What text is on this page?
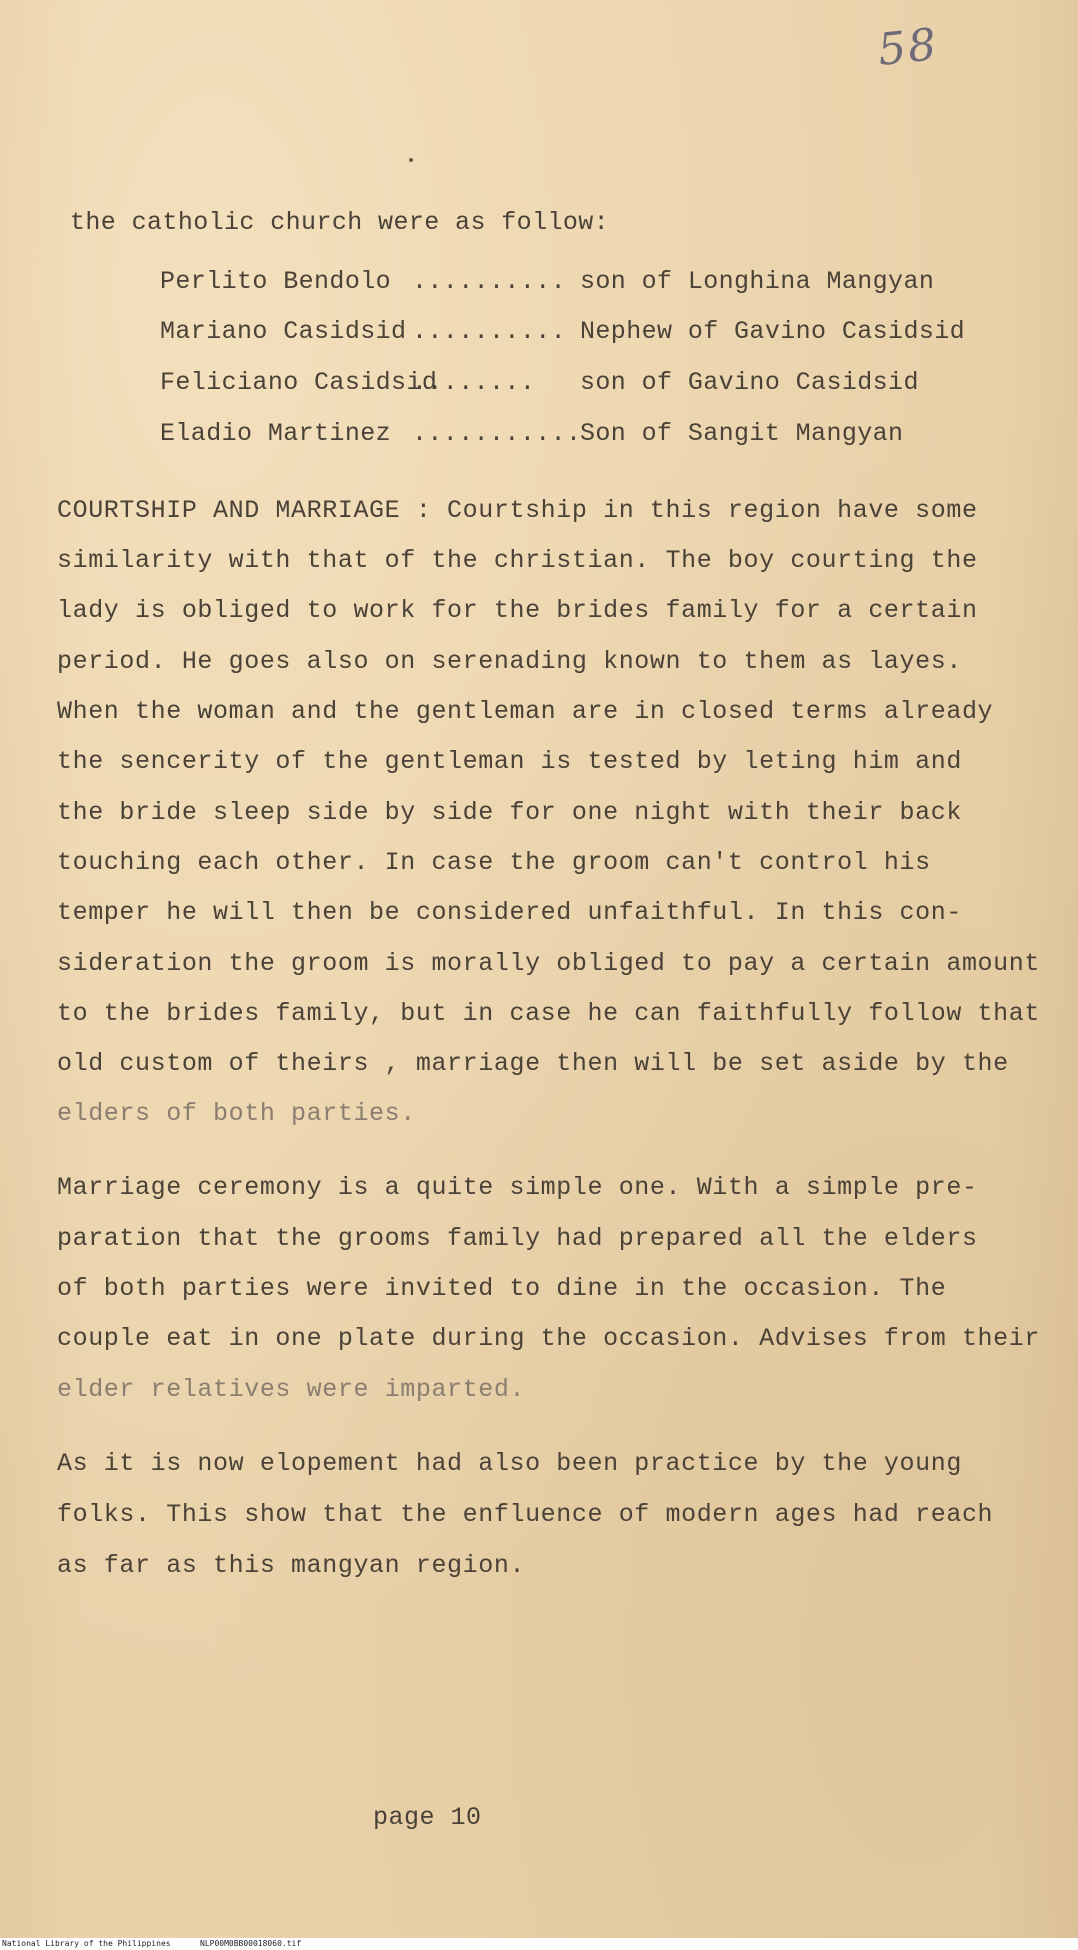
58
the catholic church were as follow:
Perlito Bendolo .......... son of Longhina Mangyan
Mariano Casidsid .......... Nephew of Gavino Casidsid
Feliciano Casidsid........ son of Gavino Casidsid
Eladio Martinez ...........Son of Sangit Mangyan
COURTSHIP AND MARRIAGE : Courtship in this region have some
similarity with that of the christian. The boy courting the
lady is obliged to work for the brides family for a certain
period. He goes also on serenading known to them as layes.
When the woman and the gentleman are in closed terms already
the sencerity of the gentleman is tested by leting him and
the bride sleep side by side for one night with their back
touching each other. In case the groom can't control his
temper he will then be considered unfaithful. In this con-
sideration the groom is morally obliged to pay a certain amount
to the brides family, but in case he can faithfully follow that
old custom of theirs , marriage then will be set aside by the
elders of both parties.
Marriage ceremony is a quite simple one. With a simple pre-
paration that the grooms family had prepared all the elders
of both parties were invited to dine in the occasion. The
couple eat in one plate during the occasion. Advises from their
elder relatives were imparted.
As it is now elopement had also been practice by the young
folks. This show that the enfluence of modern ages had reach
as far as this mangyan region.
page 10
National Library of the Philippines	NLP00M0BB00018060.tif
